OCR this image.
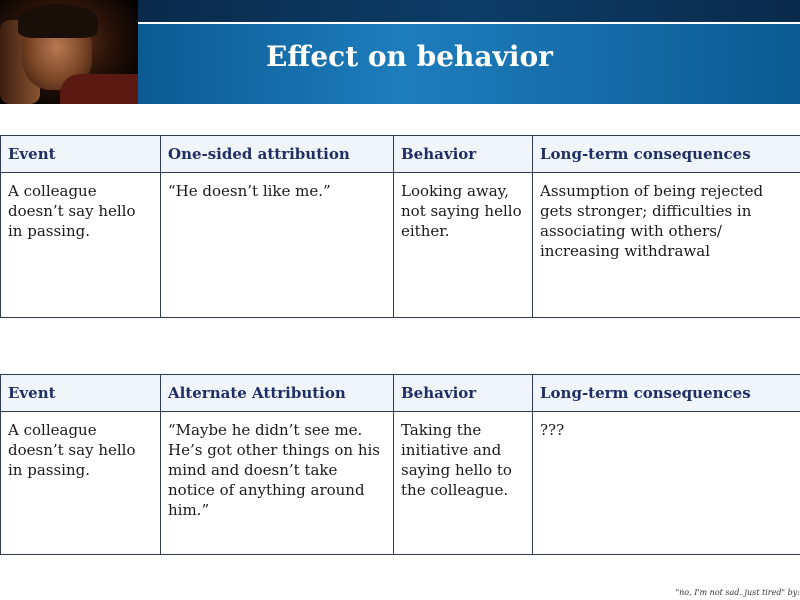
Effect on behavior
Event	One-sided attribution	Behavior	Long-term consequences
A colleague doesn’t say hello in passing.	“He doesn’t like me.”	Looking away, not saying hello either.	Assumption of being rejected gets stronger; difficulties in associating with others/ increasing withdrawal
Event	Alternate Attribution	Behavior	Long-term consequences
A colleague doesn’t say hello in passing.	“Maybe he didn’t see me. He’s got other things on his mind and doesn’t take notice of anything around him.”	Taking the initiative and saying hello to the colleague.	???
"no, I'm not sad. just tired" by:
